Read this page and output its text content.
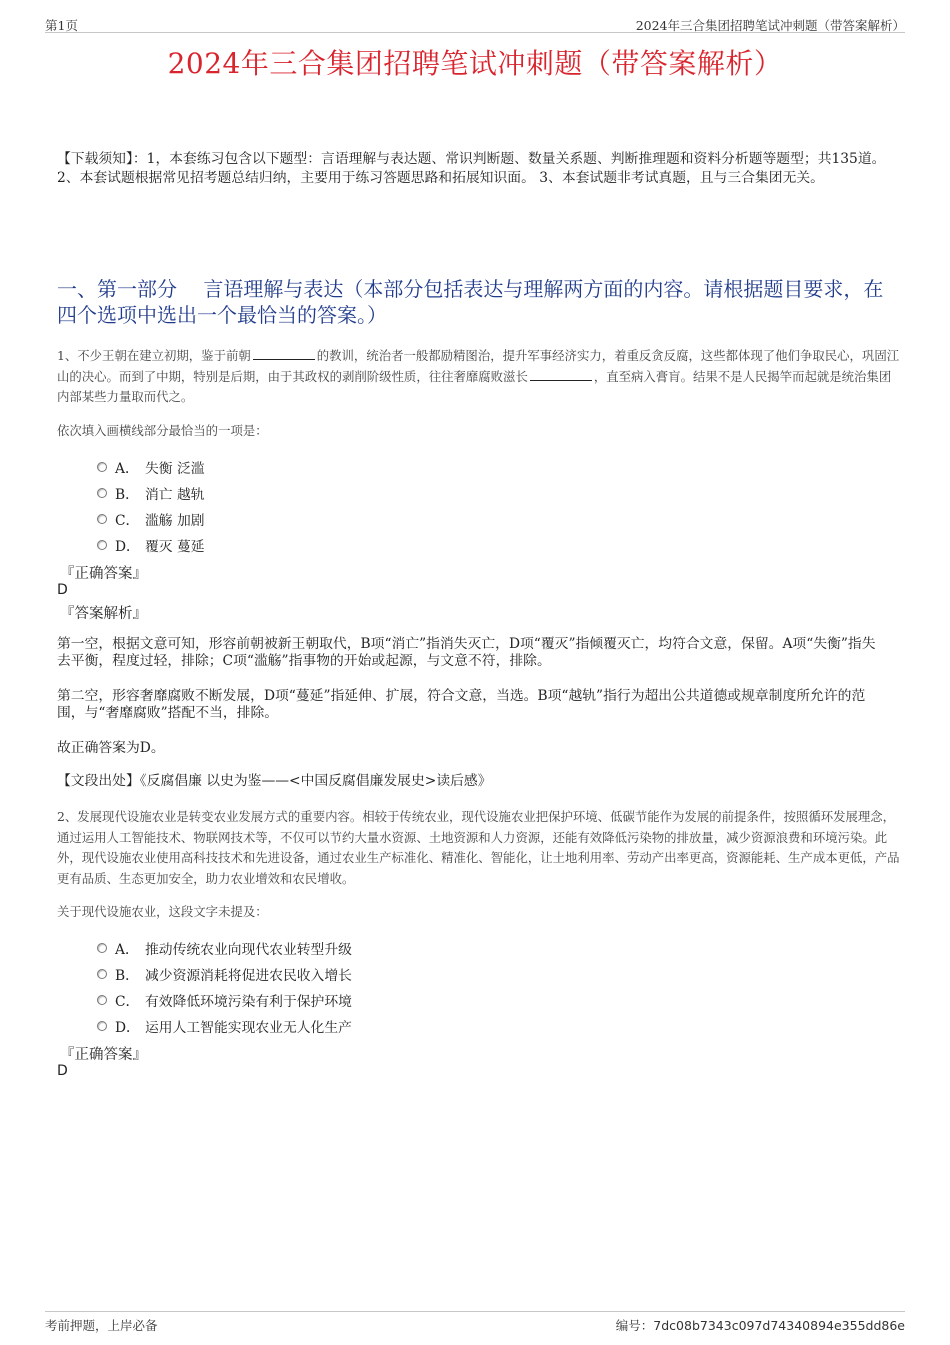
第1页	2024年三合集团招聘笔试冲刺题（带答案解析）
2024年三合集团招聘笔试冲刺题（带答案解析）
【下载须知】：1，本套练习包含以下题型：言语理解与表达题、常识判断题、数量关系题、判断推理题和资料分析题等题型；共135道。 2、本套试题根据常见招考题总结归纳，主要用于练习答题思路和拓展知识面。 3、本套试题非考试真题，且与三合集团无关。
一、第一部分　 言语理解与表达（本部分包括表达与理解两方面的内容。请根据题目要求，在四个选项中选出一个最恰当的答案。）
1、不少王朝在建立初期，鉴于前朝	的教训，统治者一般都励精图治，提升军事经济实力，着重反贪反腐，这些都体现了他们争取民心，巩固江山的决心。而到了中期，特别是后期，由于其政权的剥削阶级性质，往往奢靡腐败滋长	，直至病入膏肓。结果不是人民揭竿而起就是统治集团内部某些力量取而代之。
依次填入画横线部分最恰当的一项是：
A． 失衡 泛滥
B． 消亡 越轨
C． 滥觞 加剧
D． 覆灭 蔓延
『正确答案』
D
『答案解析』
第一空，根据文意可知，形容前朝被新王朝取代，B项“消亡”指消失灭亡，D项“覆灭”指倾覆灭亡，均符合文意，保留。A项“失衡”指失去平衡，程度过轻，排除；C项“滥觞”指事物的开始或起源，与文意不符，排除。
第二空，形容奢靡腐败不断发展，D项“蔓延”指延伸、扩展，符合文意，当选。B项“越轨”指行为超出公共道德或规章制度所允许的范围，与“奢靡腐败”搭配不当，排除。
故正确答案为D。
【文段出处】《反腐倡廉 以史为鉴——<中国反腐倡廉发展史>读后感》
2、发展现代设施农业是转变农业发展方式的重要内容。相较于传统农业，现代设施农业把保护环境、低碳节能作为发展的前提条件，按照循环发展理念，通过运用人工智能技术、物联网技术等，不仅可以节约大量水资源、土地资源和人力资源，还能有效降低污染物的排放量，减少资源浪费和环境污染。此外，现代设施农业使用高科技技术和先进设备，通过农业生产标准化、精准化、智能化，让土地利用率、劳动产出率更高，资源能耗、生产成本更低，产品更有品质、生态更加安全，助力农业增效和农民增收。
关于现代设施农业，这段文字未提及：
A． 推动传统农业向现代农业转型升级
B． 减少资源消耗将促进农民收入增长
C． 有效降低环境污染有利于保护环境
D． 运用人工智能实现农业无人化生产
『正确答案』
D
考前押题，上岸必备	编号：7dc08b7343c097d74340894e355dd86e
